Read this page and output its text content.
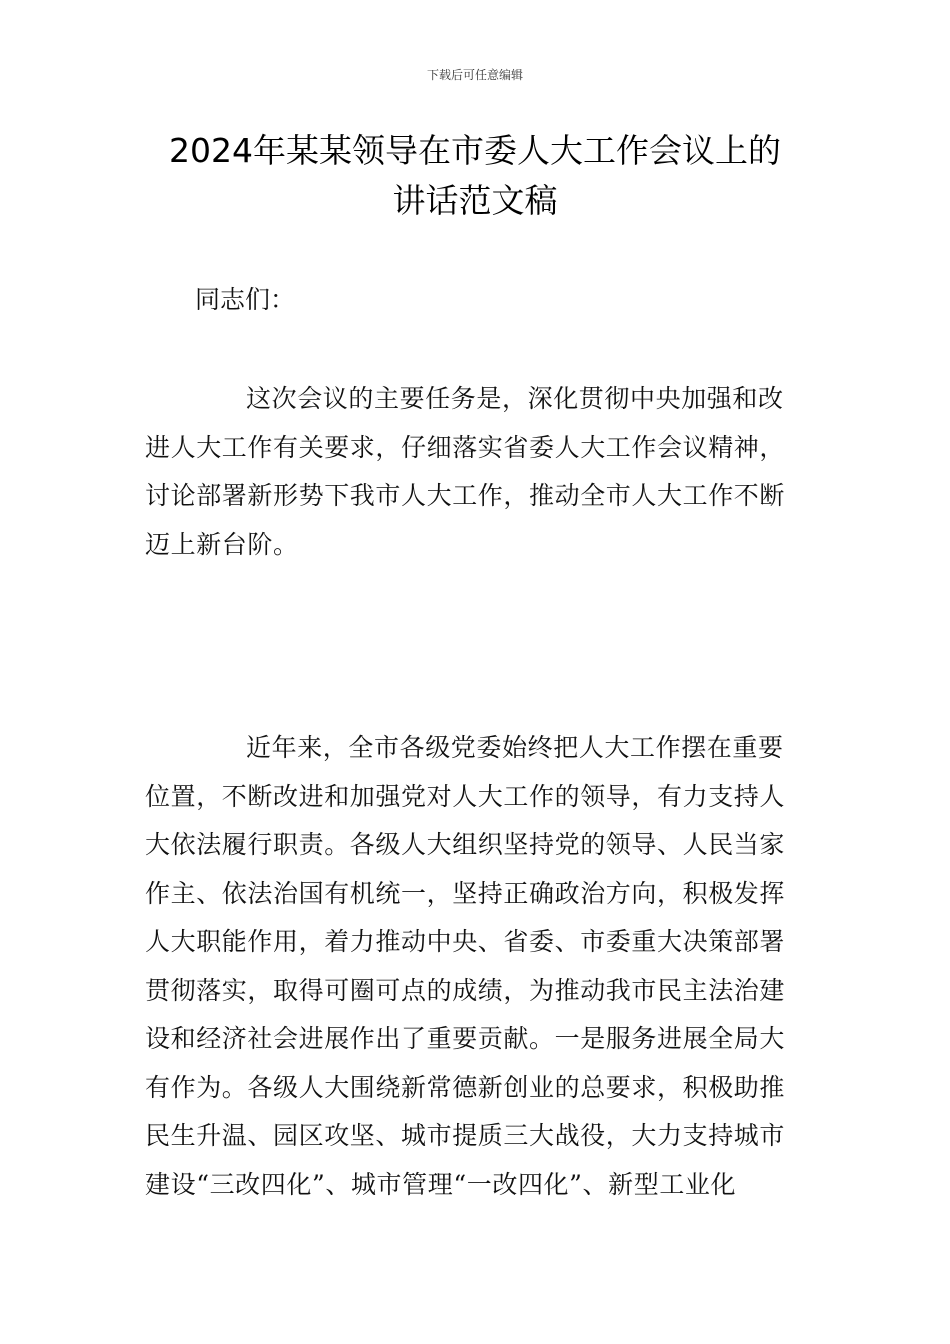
下载后可任意编辑
2024年某某领导在市委人大工作会议上的
讲话范文稿
同志们：
这次会议的主要任务是，深化贯彻中央加强和改
进人大工作有关要求，仔细落实省委人大工作会议精神，
讨论部署新形势下我市人大工作，推动全市人大工作不断
迈上新台阶。
近年来，全市各级党委始终把人大工作摆在重要
位置，不断改进和加强党对人大工作的领导，有力支持人
大依法履行职责。各级人大组织坚持党的领导、人民当家
作主、依法治国有机统一，坚持正确政治方向，积极发挥
人大职能作用，着力推动中央、省委、市委重大决策部署
贯彻落实，取得可圈可点的成绩，为推动我市民主法治建
设和经济社会进展作出了重要贡献。一是服务进展全局大
有作为。各级人大围绕新常德新创业的总要求，积极助推
民生升温、园区攻坚、城市提质三大战役，大力支持城市
建设“三改四化”、城市管理“一改四化”、新型工业化
